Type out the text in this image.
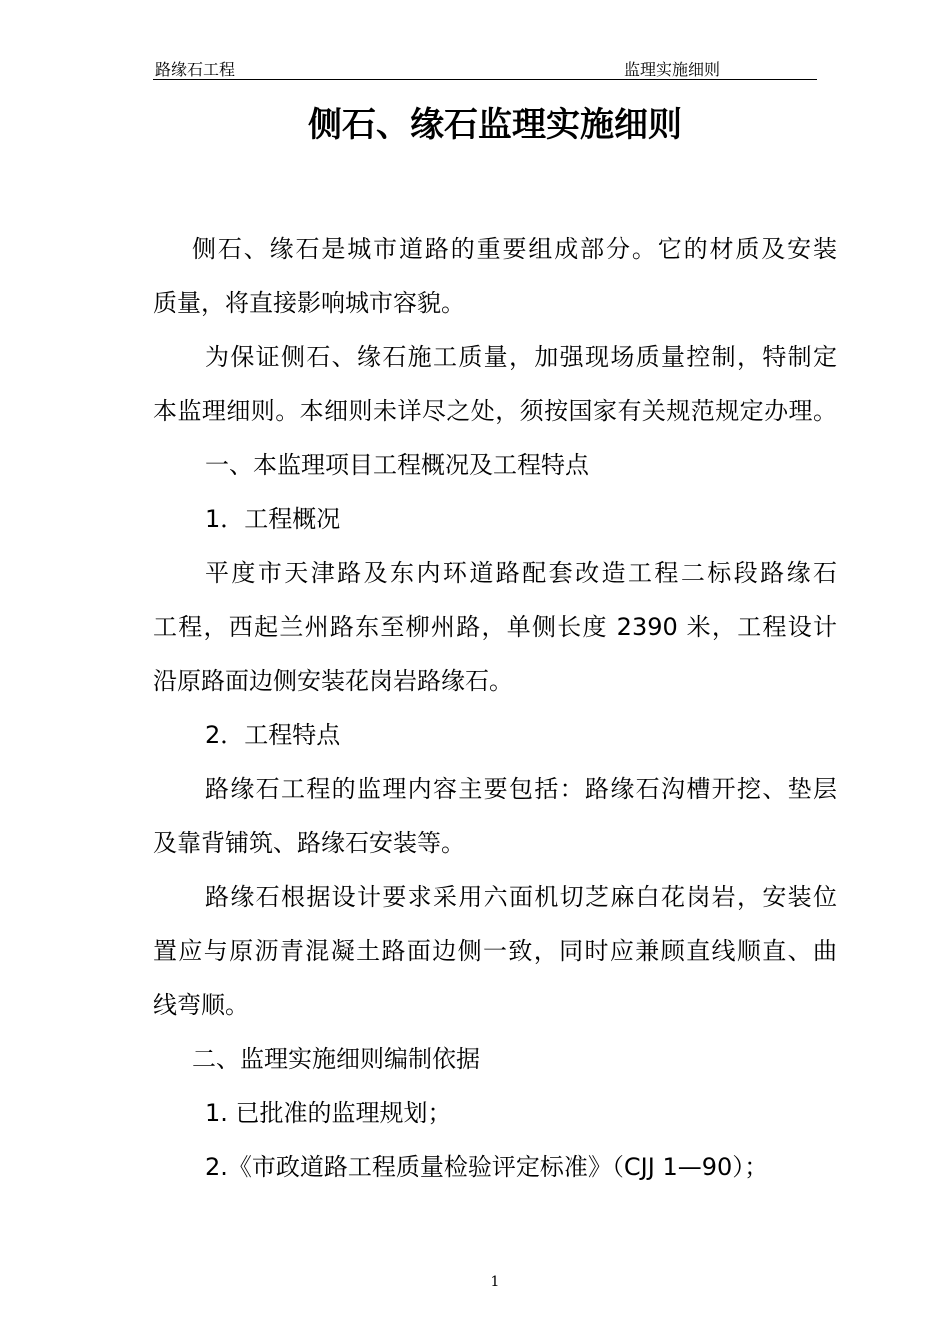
路缘石工程	监理实施细则
侧石、缘石监理实施细则
侧石、缘石是城市道路的重要组成部分。它的材质及安装
质量，将直接影响城市容貌。
为保证侧石、缘石施工质量，加强现场质量控制，特制定
本监理细则。本细则未详尽之处，须按国家有关规范规定办理。
一、本监理项目工程概况及工程特点
1．工程概况
平度市天津路及东内环道路配套改造工程二标段路缘石
工程，西起兰州路东至柳州路，单侧长度 2390 米，工程设计
沿原路面边侧安装花岗岩路缘石。
2．工程特点
路缘石工程的监理内容主要包括：路缘石沟槽开挖、垫层
及靠背铺筑、路缘石安装等。
路缘石根据设计要求采用六面机切芝麻白花岗岩，安装位
置应与原沥青混凝土路面边侧一致，同时应兼顾直线顺直、曲
线弯顺。
二、监理实施细则编制依据
1. 已批准的监理规划；
2.《市政道路工程质量检验评定标准》（CJJ 1—90）；
1
